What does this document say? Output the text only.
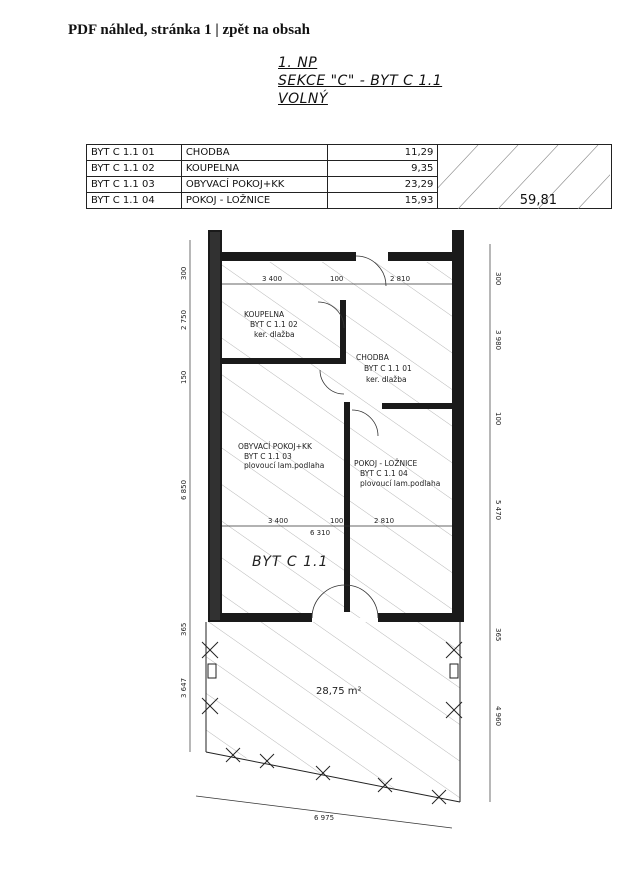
PDF náhled, stránka 1 | zpět na obsah
1. NP
SEKCE "C" - BYT C 1.1
VOLNÝ
BYT C 1.1 01	CHODBA	11,29	59,81

BYT C 1.1 02	KOUPELNA	9,35	
BYT C 1.1 03	OBYVACÍ POKOJ+KK	23,29	
BYT C 1.1 04	POKOJ - LOŽNICE	15,93	
3 400	100	2 810
3 400	100	2 810
6 310
6 975
300
2 750
150
6 850
365
3 647
300
3 980
100
5 470
365
4 960
KOUPELNA
BYT C 1.1 02
ker. dlažba
CHODBA
BYT C 1.1 01
ker. dlažba
OBYVACÍ POKOJ+KK
BYT C 1.1 03
plovoucí lam.podlaha	POKOJ - LOŽNICE
BYT C 1.1 04
plovoucí lam.podlaha
BYT C 1.1
28,75 m²
